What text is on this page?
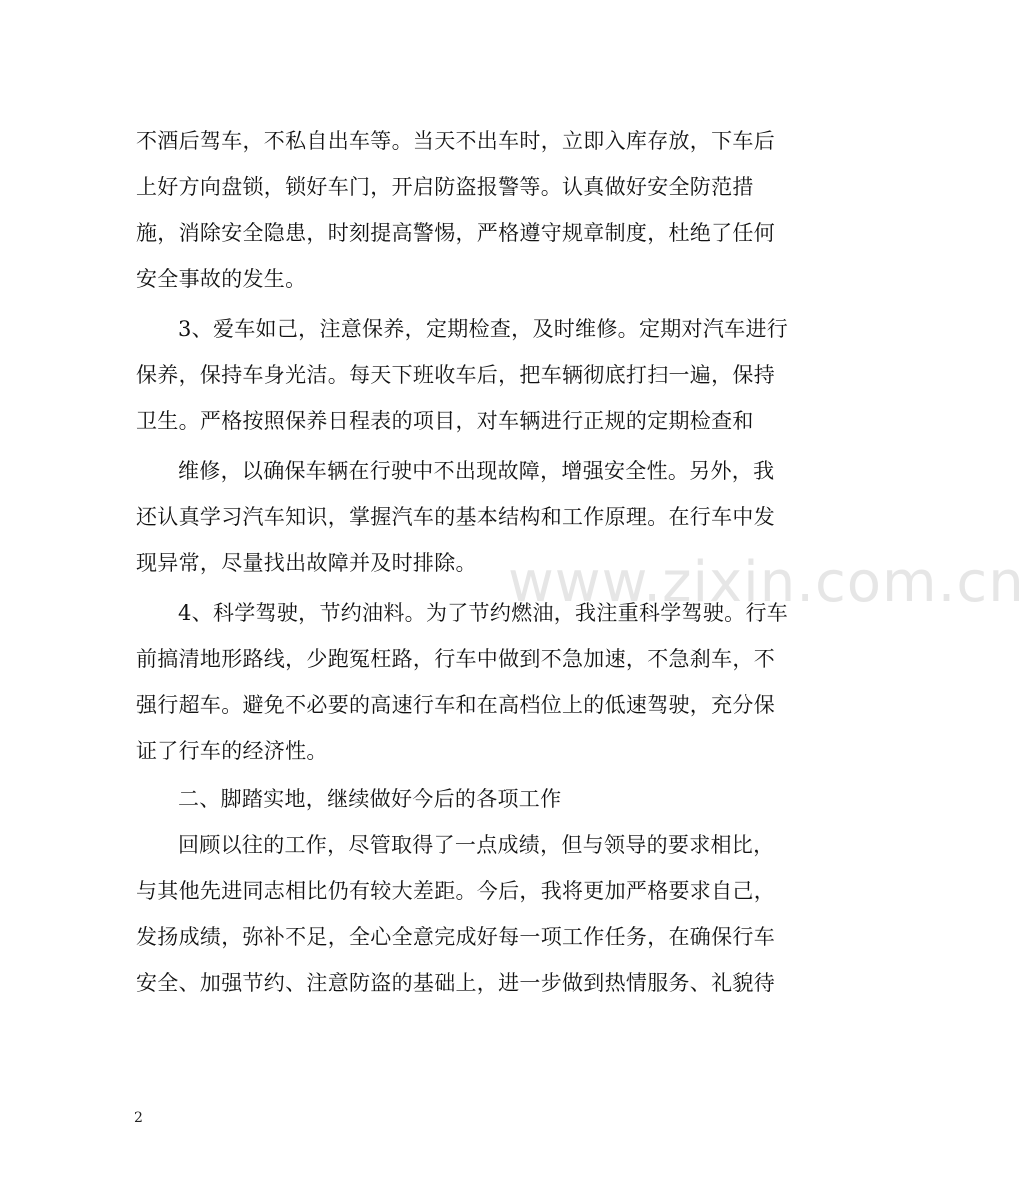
不酒后驾车，不私自出车等。当天不出车时，立即入库存放，下车后
上好方向盘锁，锁好车门，开启防盗报警等。认真做好安全防范措
施，消除安全隐患，时刻提高警惕，严格遵守规章制度，杜绝了任何
安全事故的发生。
3、爱车如己，注意保养，定期检查，及时维修。定期对汽车进行
保养，保持车身光洁。每天下班收车后，把车辆彻底打扫一遍，保持
卫生。严格按照保养日程表的项目，对车辆进行正规的定期检查和
维修，以确保车辆在行驶中不出现故障，增强安全性。另外，我
还认真学习汽车知识，掌握汽车的基本结构和工作原理。在行车中发
现异常，尽量找出故障并及时排除。
4、科学驾驶，节约油料。为了节约燃油，我注重科学驾驶。行车
前搞清地形路线，少跑冤枉路，行车中做到不急加速，不急刹车，不
强行超车。避免不必要的高速行车和在高档位上的低速驾驶，充分保
证了行车的经济性。
二、脚踏实地，继续做好今后的各项工作
回顾以往的工作，尽管取得了一点成绩，但与领导的要求相比，
与其他先进同志相比仍有较大差距。今后，我将更加严格要求自己，
发扬成绩，弥补不足，全心全意完成好每一项工作任务，在确保行车
安全、加强节约、注意防盗的基础上，进一步做到热情服务、礼貌待
www.zixin.com.cn
2
